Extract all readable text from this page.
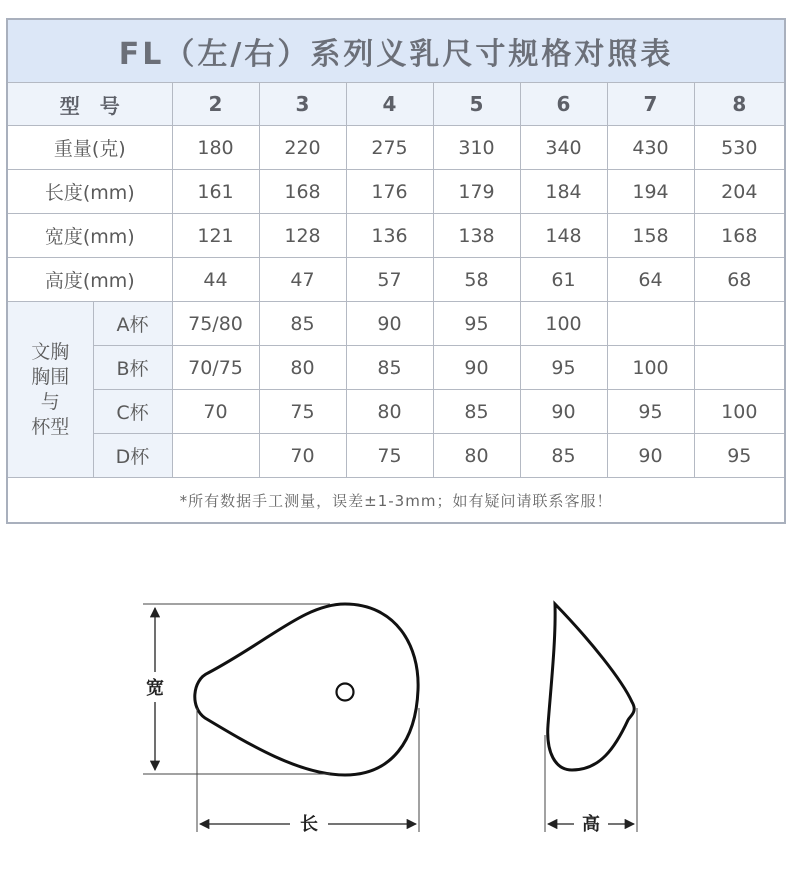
FL（左/右）系列义乳尺寸规格对照表								
型　号		2	3	4	5	6	7	8
重量(克)		180	220	275	310	340	430	530
长度(mm)		161	168	176	179	184	194	204
宽度(mm)		121	128	136	138	148	158	168
高度(mm)		44	47	57	58	61	64	68

文胸
胸围
与
杯型	A杯	75/80	85	90	95	100		
	B杯	70/75	80	85	90	95	100	
	C杯	70	75	80	85	90	95	100
	D杯		70	75	80	85	90	95
*所有数据手工测量，误差±1-3mm；如有疑问请联系客服！								
宽
长	高
